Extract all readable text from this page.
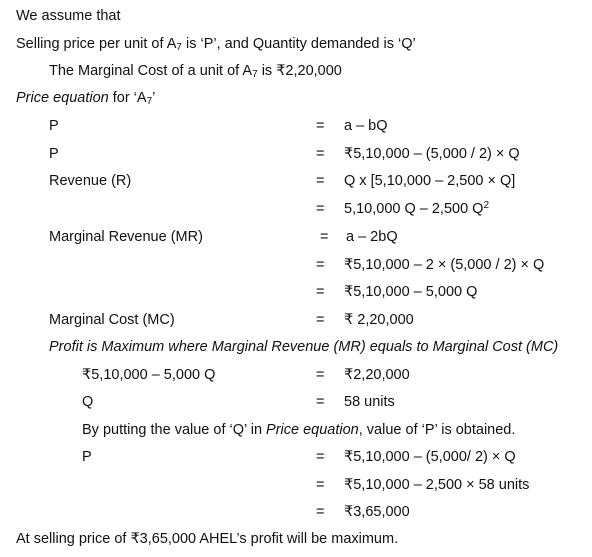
We assume that
Selling price per unit of $A_7$ is ‘P’, and Quantity demanded is ‘Q’
The Marginal Cost of a unit of $A_7$ is ₹2,20,000
Price equation for ‘$A_7$’
P	= a – bQ
P	= ₹5,10,000 – (5,000 / 2) × Q
Revenue (R)	= Q x [5,10,000 – 2,500 × Q]
= 5,10,000 Q – 2,500 $Q^2$
Marginal Revenue (MR)	= a – 2bQ
= ₹5,10,000 – 2 × (5,000 / 2) × Q
= ₹5,10,000 – 5,000 Q
Marginal Cost (MC)	= ₹ 2,20,000
Profit is Maximum where Marginal Revenue (MR) equals to Marginal Cost (MC)
₹5,10,000 – 5,000 Q	= ₹2,20,000
Q	= 58 units
By putting the value of ‘Q’ in Price equation, value of ‘P’ is obtained.
P	= ₹5,10,000 – (5,000/ 2) × Q
= ₹5,10,000 – 2,500 × 58 units
= ₹3,65,000
At selling price of ₹3,65,000 AHEL’s profit will be maximum.
